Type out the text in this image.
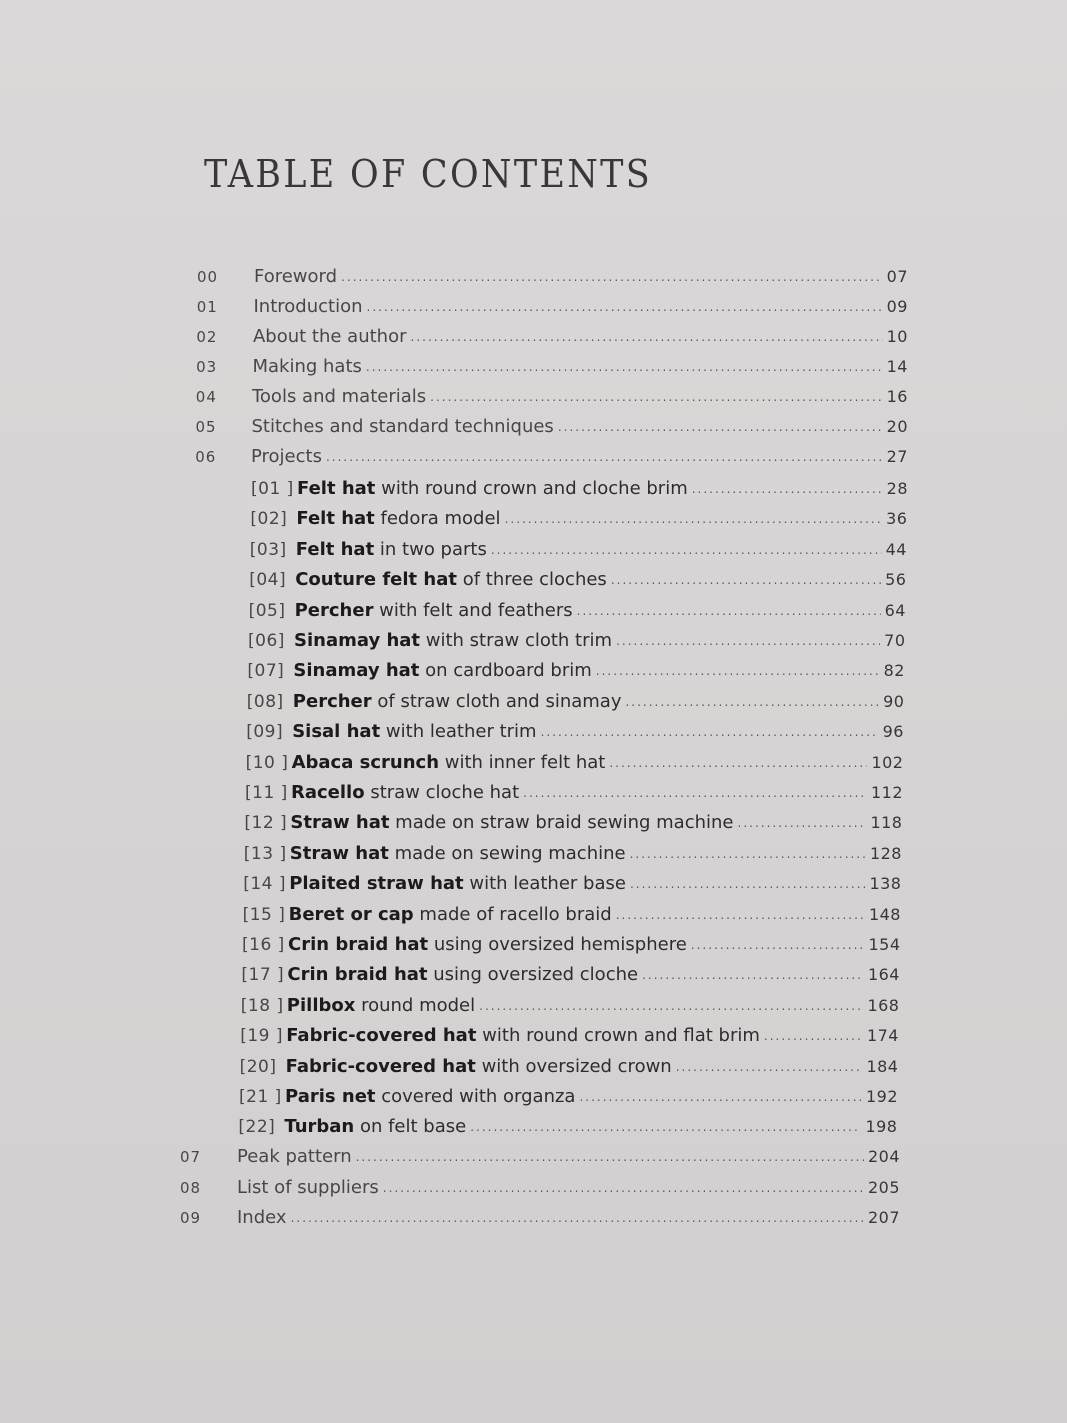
TABLE OF CONTENTS
00	Foreword .....	07
01	Introduction .....	09
02	About the author .....	10
03	Making hats .....	14
04	Tools and materials .....	16
05	Stitches and standard techniques .....	20
06	Projects .....	27
[01 ] Felt hat with round crown and cloche brim .....	28
[02] Felt hat fedora model .....	36
[03] Felt hat in two parts .....	44
[04] Couture felt hat of three cloches .....	56
[05] Percher with felt and feathers .....	64
[06] Sinamay hat with straw cloth trim .....	70
[07] Sinamay hat on cardboard brim .....	82
[08] Percher of straw cloth and sinamay .....	90
[09] Sisal hat with leather trim .....	96
[10 ] Abaca scrunch with inner felt hat .....	102
[11 ] Racello straw cloche hat .....	112
[12 ] Straw hat made on straw braid sewing machine .....	118
[13 ] Straw hat made on sewing machine .....	128
[14 ] Plaited straw hat with leather base .....	138
[15 ] Beret or cap made of racello braid .....	148
[16 ] Crin braid hat using oversized hemisphere .....	154
[17 ] Crin braid hat using oversized cloche .....	164
[18 ] Pillbox round model .....	168
[19 ] Fabric-covered hat with round crown and flat brim .....	174
[20] Fabric-covered hat with oversized crown .....	184
[21 ] Paris net covered with organza .....	192
[22] Turban on felt base .....	198
07	Peak pattern .....	204
08	List of suppliers .....	205
09	Index .....	207
